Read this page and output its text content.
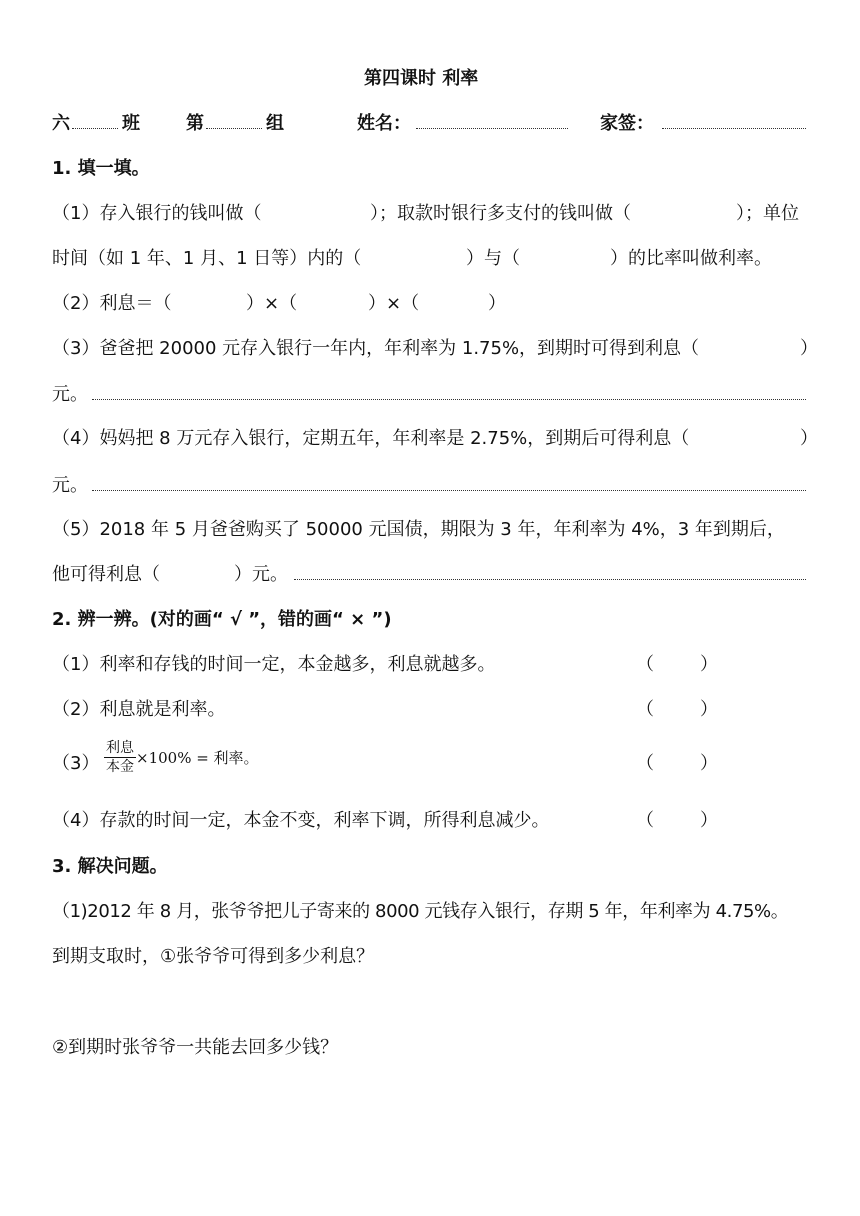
第四课时 利率
六	班	第	组	姓名：	家签：
1. 填一填。
（1）存入银行的钱叫做（	）；取款时银行多支付的钱叫做（	）；单位
时间（如 1 年、1 月、1 日等）内的（	）与（	）的比率叫做利率。
（2）利息＝（	）×（	）×（	）
（3）爸爸把 20000 元存入银行一年内，年利率为 1.75%，到期时可得到利息（	）
元。
（4）妈妈把 8 万元存入银行，定期五年，年利率是 2.75%，到期后可得利息（	）
元。
（5）2018 年 5 月爸爸购买了 50000 元国债，期限为 3 年，年利率为 4%，3 年到期后，
他可得利息（	）元。
2. 辨一辨。(对的画“ √ ”，错的画“ × ”)
（1）利率和存钱的时间一定，本金越多，利息就越多。	（	）
（2）利息就是利率。	（	）
$(3) \frac{\text{利息}}{\text{本金}} \times 100\%$ = 利率。	（	）
（4）存款的时间一定，本金不变，利率下调，所得利息减少。	（	）
3. 解决问题。
（1)2012 年 8 月，张爷爷把儿子寄来的 8000 元钱存入银行，存期 5 年，年利率为 4.75%。
到期支取时，①张爷爷可得到多少利息？
②到期时张爷爷一共能去回多少钱？
